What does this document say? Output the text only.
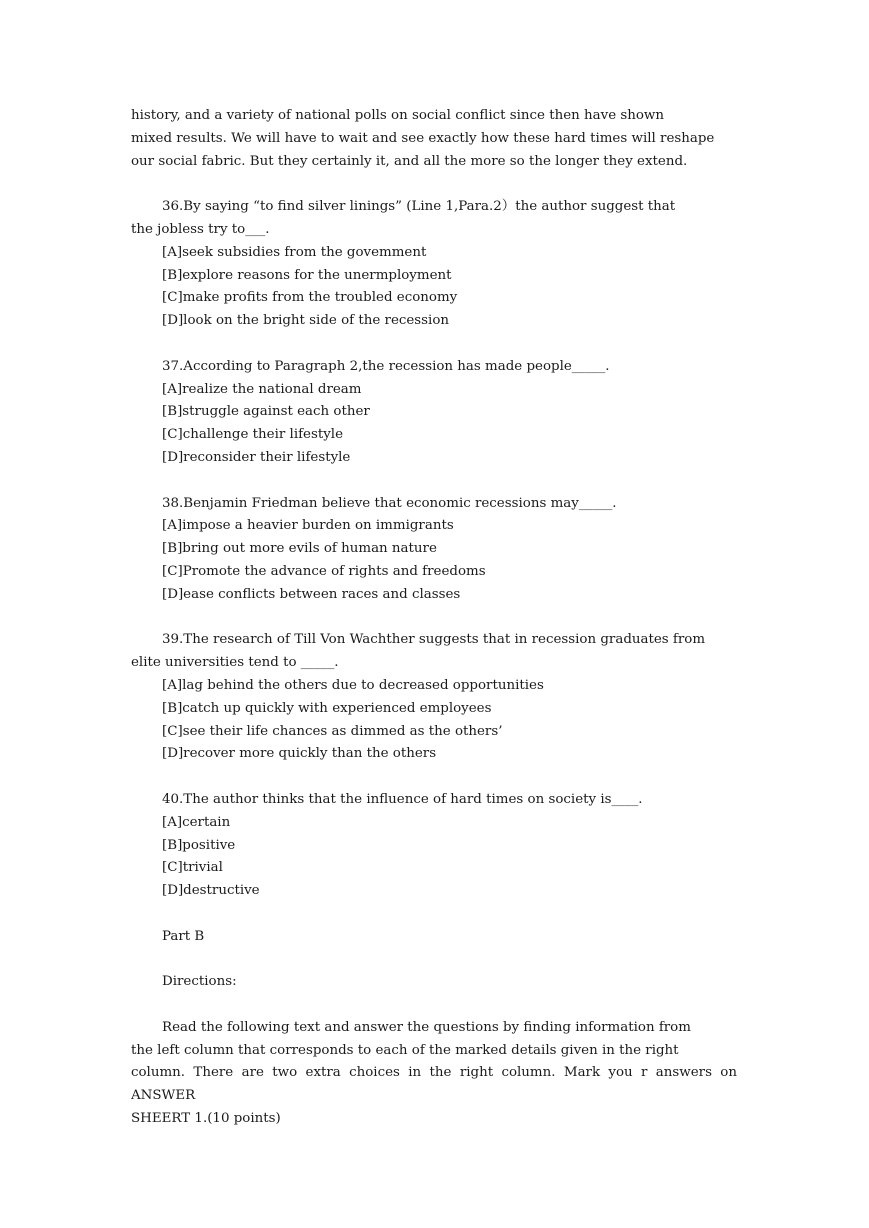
history, and a variety of national polls on social conflict since then have shown
mixed results. We will have to wait and see exactly how these hard times will reshape
our social fabric. But they certainly it, and all the more so the longer they extend.
36.By saying “to find silver linings” (Line 1,Para.2）the author suggest that
the jobless try to___.
[A]seek subsidies from the govemment
[B]explore reasons for the unermployment
[C]make profits from the troubled economy
[D]look on the bright side of the recession
37.According to Paragraph 2,the recession has made people_____.
[A]realize the national dream
[B]struggle against each other
[C]challenge their lifestyle
[D]reconsider their lifestyle
38.Benjamin Friedman believe that economic recessions may_____.
[A]impose a heavier burden on immigrants
[B]bring out more evils of human nature
[C]Promote the advance of rights and freedoms
[D]ease conflicts between races and classes
39.The research of Till Von Wachther suggests that in recession graduates from
elite universities tend to _____.
[A]lag behind the others due to decreased opportunities
[B]catch up quickly with experienced employees
[C]see their life chances as dimmed as the others’
[D]recover more quickly than the others
40.The author thinks that the influence of hard times on society is____.
[A]certain
[B]positive
[C]trivial
[D]destructive
Part B
Directions:
Read the following text and answer the questions by finding information from
the left column that corresponds to each of the marked details given in the right
column. There are two extra choices in the right column. Mark you r answers on ANSWER
SHEERT 1.(10 points)
